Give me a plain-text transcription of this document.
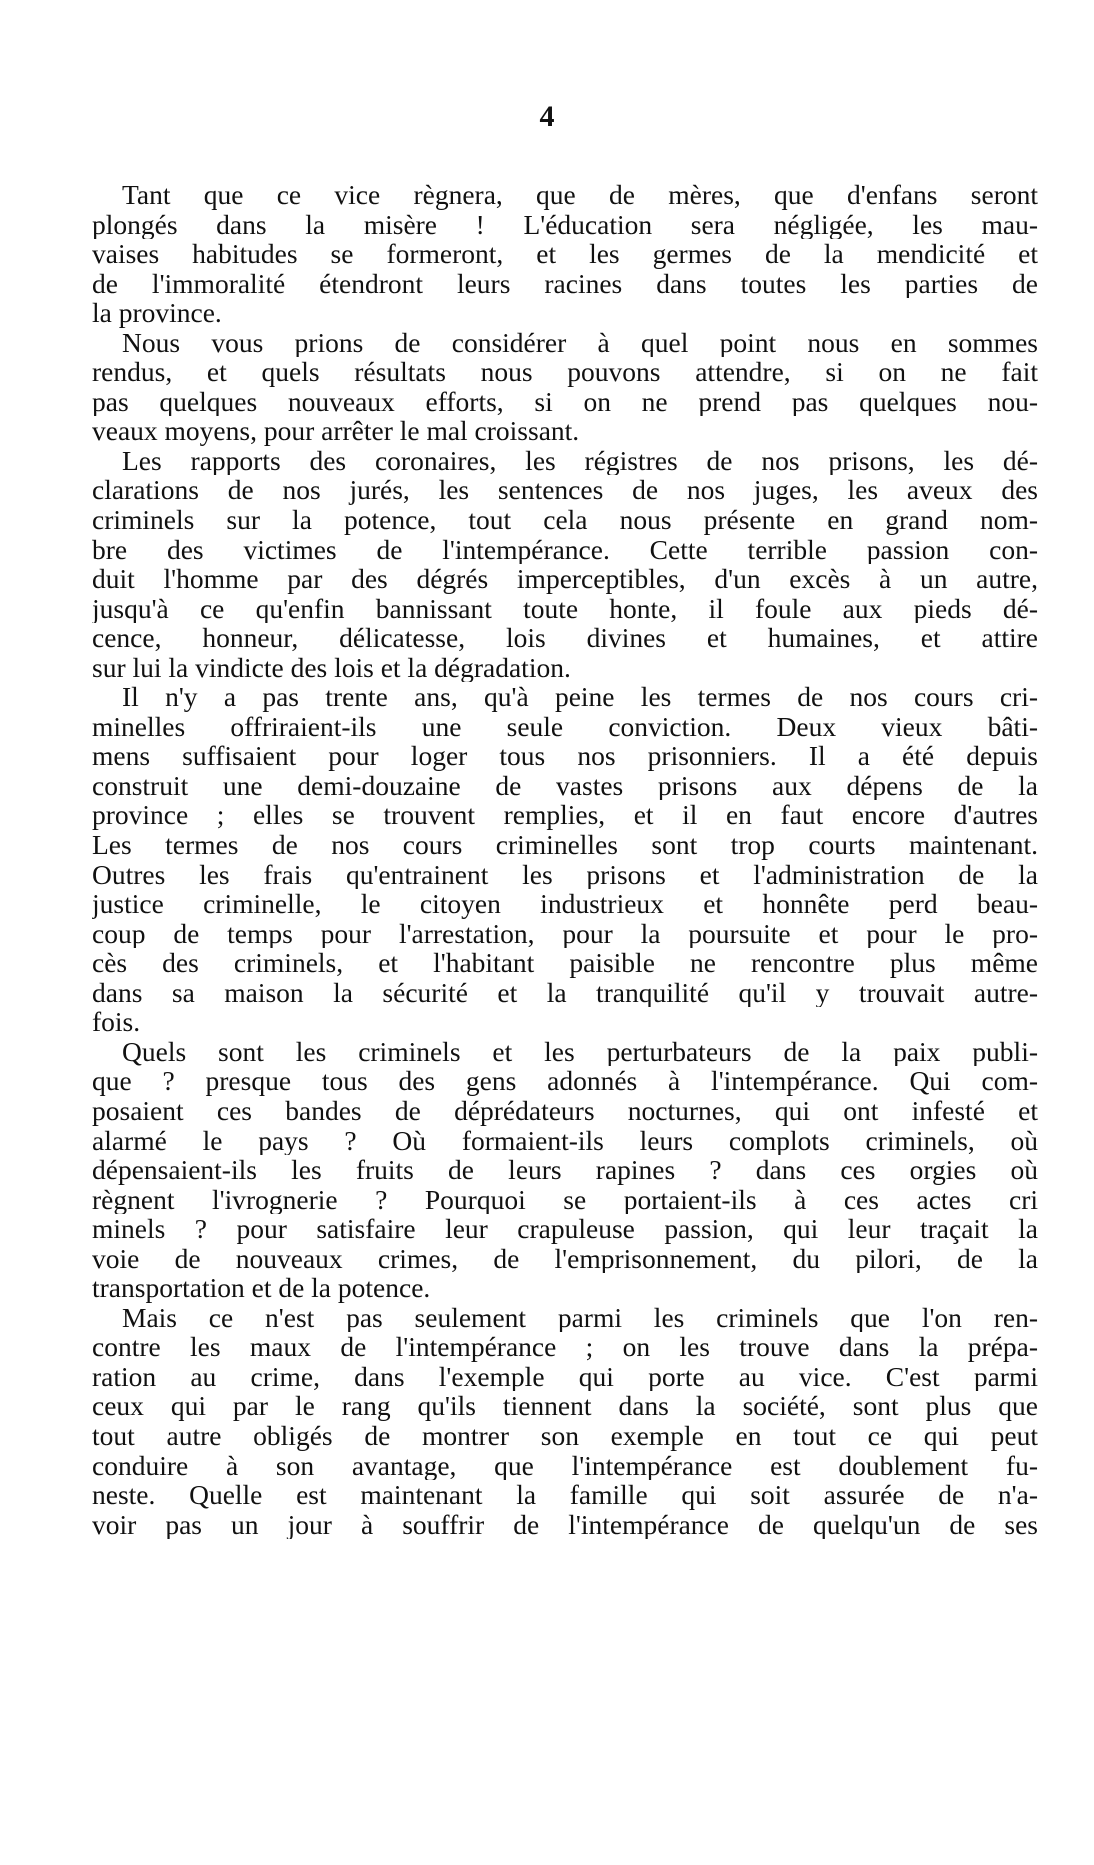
4

Tant que ce vice règnera, que de mères, que d'enfans seront
plongés dans la misère ! L'éducation sera négligée, les mau-
vaises habitudes se formeront, et les germes de la mendicité et
de l'immoralité étendront leurs racines dans toutes les parties de
la province.

Nous vous prions de considérer à quel point nous en sommes
rendus, et quels résultats nous pouvons attendre, si on ne fait
pas quelques nouveaux efforts, si on ne prend pas quelques nou-
veaux moyens, pour arrêter le mal croissant.

Les rapports des coronaires, les régistres de nos prisons, les dé-
clarations de nos jurés, les sentences de nos juges, les aveux des
criminels sur la potence, tout cela nous présente en grand nom-
bre des victimes de l'intempérance. Cette terrible passion con-
duit l'homme par des dégrés imperceptibles, d'un excès à un autre,
jusqu'à ce qu'enfin bannissant toute honte, il foule aux pieds dé-
cence, honneur, délicatesse, lois divines et humaines, et attire
sur lui la vindicte des lois et la dégradation.

Il n'y a pas trente ans, qu'à peine les termes de nos cours cri-
minelles offriraient-ils une seule conviction. Deux vieux bâti-
mens suffisaient pour loger tous nos prisonniers. Il a été depuis
construit une demi-douzaine de vastes prisons aux dépens de la
province ; elles se trouvent remplies, et il en faut encore d'autres
Les termes de nos cours criminelles sont trop courts maintenant.
Outres les frais qu'entrainent les prisons et l'administration de la
justice criminelle, le citoyen industrieux et honnête perd beau-
coup de temps pour l'arrestation, pour la poursuite et pour le pro-
cès des criminels, et l'habitant paisible ne rencontre plus même
dans sa maison la sécurité et la tranquilité qu'il y trouvait autre-
fois.

Quels sont les criminels et les perturbateurs de la paix publi-
que ? presque tous des gens adonnés à l'intempérance. Qui com-
posaient ces bandes de déprédateurs nocturnes, qui ont infesté et
alarmé le pays ? Où formaient-ils leurs complots criminels, où
dépensaient-ils les fruits de leurs rapines ? dans ces orgies où
règnent l'ivrognerie ? Pourquoi se portaient-ils à ces actes cri
minels ? pour satisfaire leur crapuleuse passion, qui leur traçait la
voie de nouveaux crimes, de l'emprisonnement, du pilori, de la
transportation et de la potence.

Mais ce n'est pas seulement parmi les criminels que l'on ren-
contre les maux de l'intempérance ; on les trouve dans la prépa-
ration au crime, dans l'exemple qui porte au vice. C'est parmi
ceux qui par le rang qu'ils tiennent dans la société, sont plus que
tout autre obligés de montrer son exemple en tout ce qui peut
conduire à son avantage, que l'intempérance est doublement fu-
neste. Quelle est maintenant la famille qui soit assurée de n'a-
voir pas un jour à souffrir de l'intempérance de quelqu'un de ses
